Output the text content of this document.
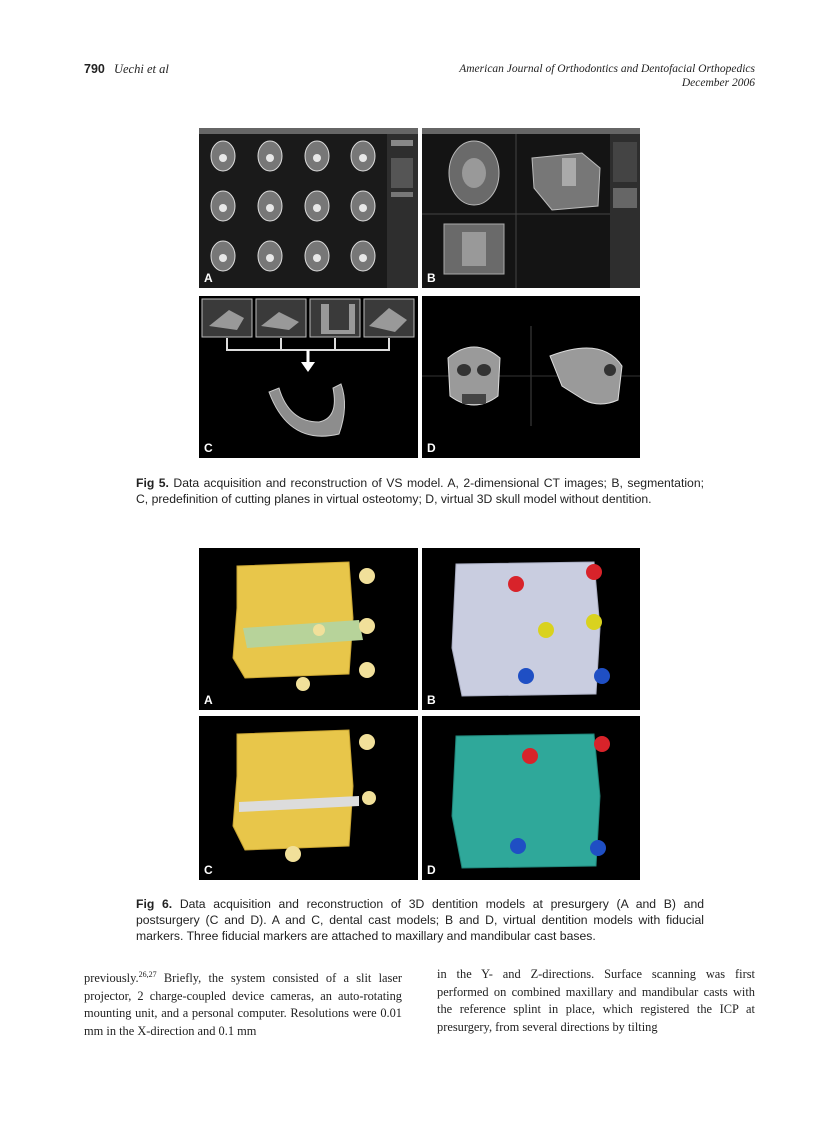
790 Uechi et al	American Journal of Orthodontics and Dentofacial Orthopedics
December 2006
A	B
C	D
Fig 5. Data acquisition and reconstruction of VS model. A, 2-dimensional CT images; B, segmentation; C, predefinition of cutting planes in virtual osteotomy; D, virtual 3D skull model without dentition.
A	B
C	D
Fig 6. Data acquisition and reconstruction of 3D dentition models at presurgery (A and B) and postsurgery (C and D). A and C, dental cast models; B and D, virtual dentition models with fiducial markers. Three fiducial markers are attached to maxillary and mandibular cast bases.
previously.$^{26,27}$ Briefly, the system consisted of a slit laser projector, 2 charge-coupled device cameras, an auto-rotating mounting unit, and a personal computer. Resolutions were 0.01 mm in the X-direction and 0.1 mm
in the Y- and Z-directions. Surface scanning was first performed on combined maxillary and mandibular casts with the reference splint in place, which registered the ICP at presurgery, from several directions by tilting
